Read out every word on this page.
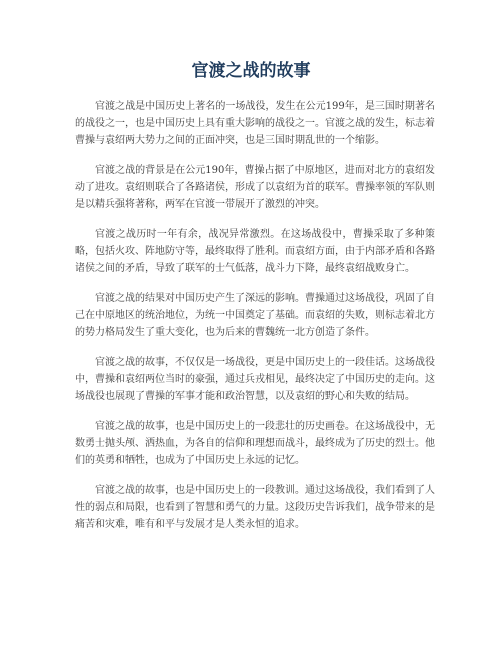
官渡之战的故事

官渡之战是中国历史上著名的一场战役，发生在公元199年，是三国时期著名的战役之一，也是中国历史上具有重大影响的战役之一。官渡之战的发生，标志着曹操与袁绍两大势力之间的正面冲突，也是三国时期乱世的一个缩影。

官渡之战的背景是在公元190年，曹操占据了中原地区，进而对北方的袁绍发动了进攻。袁绍则联合了各路诸侯，形成了以袁绍为首的联军。曹操率领的军队则是以精兵强将著称，两军在官渡一带展开了激烈的冲突。

官渡之战历时一年有余，战况异常激烈。在这场战役中，曹操采取了多种策略，包括火攻、阵地防守等，最终取得了胜利。而袁绍方面，由于内部矛盾和各路诸侯之间的矛盾，导致了联军的士气低落，战斗力下降，最终袁绍战败身亡。

官渡之战的结果对中国历史产生了深远的影响。曹操通过这场战役，巩固了自己在中原地区的统治地位，为统一中国奠定了基础。而袁绍的失败，则标志着北方的势力格局发生了重大变化，也为后来的曹魏统一北方创造了条件。

官渡之战的故事，不仅仅是一场战役，更是中国历史上的一段佳话。这场战役中，曹操和袁绍两位当时的豪强，通过兵戎相见，最终决定了中国历史的走向。这场战役也展现了曹操的军事才能和政治智慧，以及袁绍的野心和失败的结局。

官渡之战的故事，也是中国历史上的一段悲壮的历史画卷。在这场战役中，无数勇士抛头颅、洒热血，为各自的信仰和理想而战斗，最终成为了历史的烈士。他们的英勇和牺牲，也成为了中国历史上永远的记忆。

官渡之战的故事，也是中国历史上的一段教训。通过这场战役，我们看到了人性的弱点和局限，也看到了智慧和勇气的力量。这段历史告诉我们，战争带来的是痛苦和灾难，唯有和平与发展才是人类永恒的追求。
